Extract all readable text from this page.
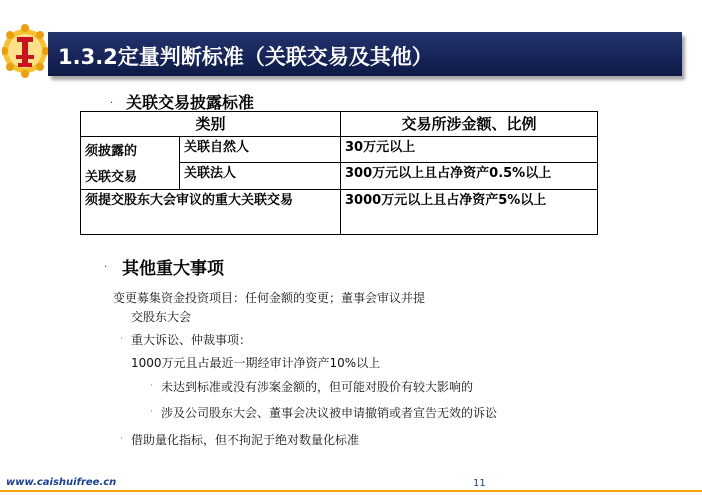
1.3.2定量判断标准（关联交易及其他）
· 关联交易披露标准
类别		交易所涉金额、比例

须披露的
关联交易	关联自然人	30万元以上
	关联法人	300万元以上且占净资产0.5%以上
须提交股东大会审议的重大关联交易		3000万元以上且占净资产5%以上
· 其他重大事项
变更募集资金投资项目：任何金额的变更；董事会审议并提
交股东大会
· 重大诉讼、仲裁事项：
1000万元且占最近一期经审计净资产10%以上
· 未达到标准或没有涉案金额的，但可能对股价有较大影响的
· 涉及公司股东大会、董事会决议被申请撤销或者宣告无效的诉讼
· 借助量化指标，但不拘泥于绝对数量化标准
www.caishuifree.cn	11
